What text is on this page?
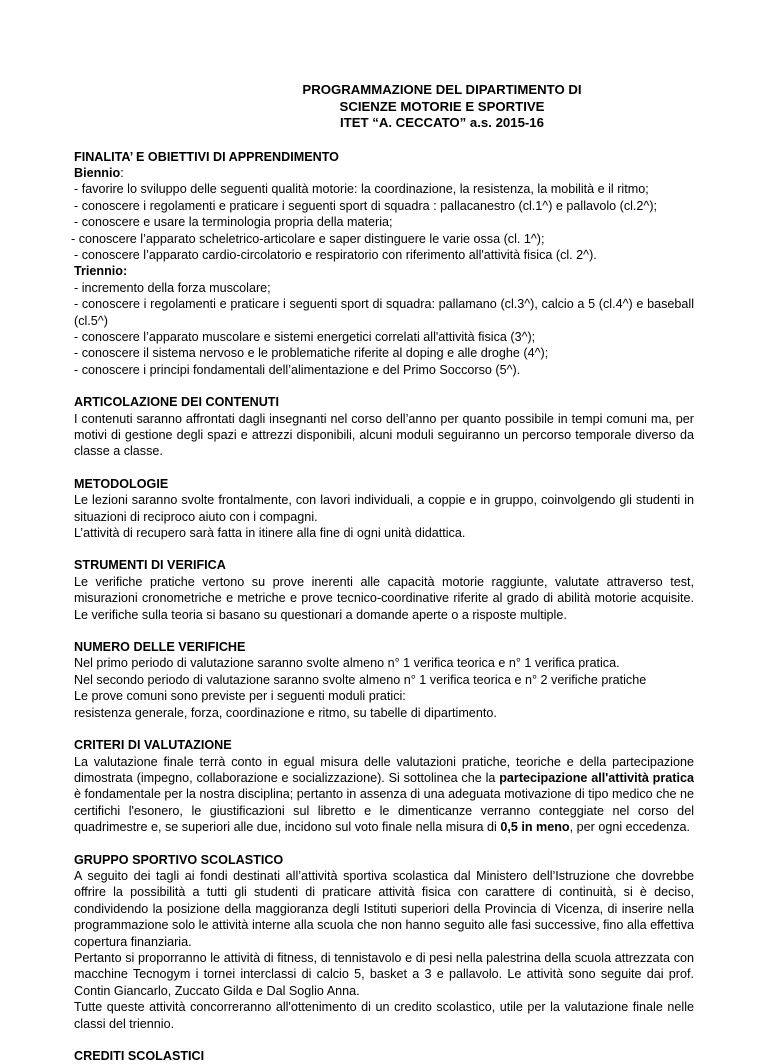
PROGRAMMAZIONE DEL DIPARTIMENTO DI
SCIENZE MOTORIE E SPORTIVE
ITET “A. CECCATO” a.s. 2015-16

FINALITA’ E OBIETTIVI DI APPRENDIMENTO

Biennio:

- favorire lo sviluppo delle seguenti qualità motorie: la coordinazione, la resistenza, la mobilità e il ritmo;

- conoscere i regolamenti e praticare i seguenti sport di squadra : pallacanestro (cl.1^) e pallavolo (cl.2^);

- conoscere e usare la terminologia propria della materia;

- conoscere l’apparato scheletrico-articolare e saper distinguere le varie ossa (cl. 1^);

- conoscere l’apparato cardio-circolatorio e respiratorio con riferimento all'attività fisica (cl. 2^).

Triennio:

- incremento della forza muscolare;

- conoscere i regolamenti e praticare i seguenti sport di squadra: pallamano (cl.3^), calcio a 5 (cl.4^) e baseball (cl.5^)

- conoscere l’apparato muscolare e sistemi energetici correlati all'attività fisica (3^);

- conoscere il sistema nervoso e le problematiche riferite al doping e alle droghe (4^);

- conoscere i principi fondamentali dell’alimentazione e del Primo Soccorso (5^).

ARTICOLAZIONE DEI CONTENUTI

I contenuti saranno affrontati dagli insegnanti nel corso dell’anno per quanto possibile in tempi comuni ma, per motivi di gestione degli spazi e attrezzi disponibili, alcuni moduli seguiranno un percorso temporale diverso da classe a classe.

METODOLOGIE

Le lezioni saranno svolte frontalmente, con lavori individuali, a coppie e in gruppo, coinvolgendo gli studenti in situazioni di reciproco aiuto con i compagni.

L’attività di recupero sarà fatta in itinere alla fine di ogni unità didattica.

STRUMENTI DI VERIFICA

Le verifiche pratiche vertono su prove inerenti alle capacità motorie raggiunte, valutate attraverso test, misurazioni cronometriche e metriche e prove tecnico-coordinative riferite al grado di abilità motorie acquisite. Le verifiche sulla teoria si basano su questionari a domande aperte o a risposte multiple.

NUMERO DELLE VERIFICHE

Nel primo periodo di valutazione saranno svolte almeno n° 1 verifica teorica e n° 1 verifica pratica.

Nel secondo periodo di valutazione saranno svolte almeno n° 1 verifica teorica e n° 2 verifiche pratiche

Le prove comuni sono previste per i seguenti moduli pratici:

resistenza generale, forza, coordinazione e ritmo, su tabelle di dipartimento.

CRITERI DI VALUTAZIONE

La valutazione finale terrà conto in egual misura delle valutazioni pratiche, teoriche e della partecipazione dimostrata (impegno, collaborazione e socializzazione). Si sottolinea che la partecipazione all'attività pratica è fondamentale per la nostra disciplina; pertanto in assenza di una adeguata motivazione di tipo medico che ne certifichi l'esonero, le giustificazioni sul libretto e le dimenticanze verranno conteggiate nel corso del quadrimestre e, se superiori alle due, incidono sul voto finale nella misura di 0,5 in meno, per ogni eccedenza.

GRUPPO SPORTIVO SCOLASTICO

A seguito dei tagli ai fondi destinati all’attività sportiva scolastica dal Ministero dell’Istruzione che dovrebbe offrire la possibilità a tutti gli studenti di praticare attività fisica con carattere di continuità, si è deciso, condividendo la posizione della maggioranza degli Istituti superiori della Provincia di Vicenza, di inserire nella programmazione solo le attività interne alla scuola che non hanno seguito alle fasi successive, fino alla effettiva copertura finanziaria.

Pertanto si proporranno le attività di fitness, di tennistavolo e di pesi nella palestrina della scuola attrezzata con macchine Tecnogym i tornei interclassi di calcio 5, basket a 3 e pallavolo. Le attività sono seguite dai prof. Contin Giancarlo, Zuccato Gilda e Dal Soglio Anna.

Tutte queste attività concorreranno all'ottenimento di un credito scolastico, utile per la valutazione finale nelle classi del triennio.

CREDITI SCOLASTICI
